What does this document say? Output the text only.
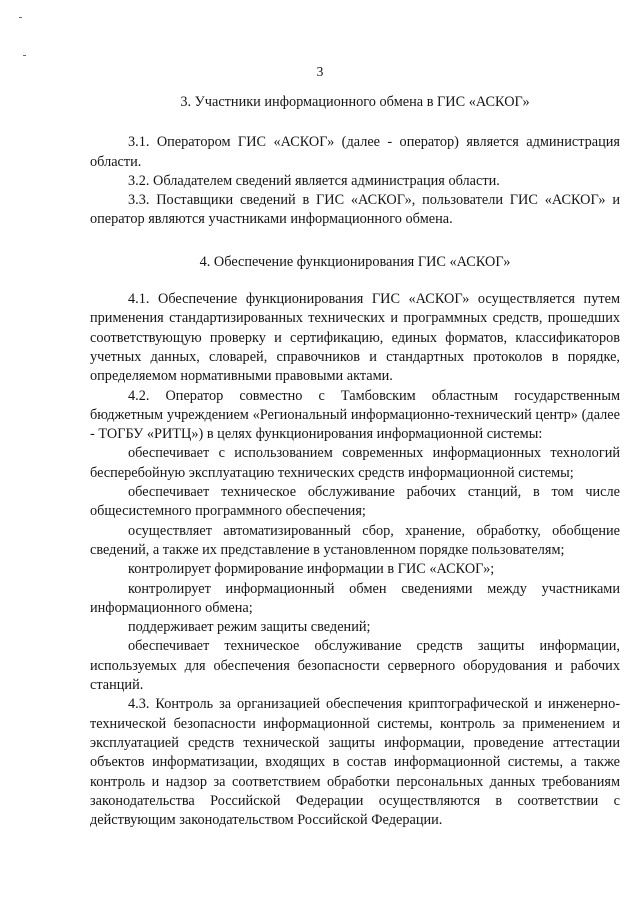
3

3. Участники информационного обмена в ГИС «АСКОГ»

3.1. Оператором ГИС «АСКОГ» (далее - оператор) является администрация области.

3.2. Обладателем сведений является администрация области.

3.3. Поставщики сведений в ГИС «АСКОГ», пользователи ГИС «АСКОГ» и оператор являются участниками информационного обмена.

4. Обеспечение функционирования ГИС «АСКОГ»

4.1. Обеспечение функционирования ГИС «АСКОГ» осуществляется путем применения стандартизированных технических и программных средств, прошедших соответствующую проверку и сертификацию, единых форматов, классификаторов учетных данных, словарей, справочников и стандартных протоколов в порядке, определяемом нормативными правовыми актами.

4.2. Оператор совместно с Тамбовским областным государственным бюджетным учреждением «Региональный информационно-технический центр» (далее - ТОГБУ «РИТЦ») в целях функционирования информационной системы:

обеспечивает с использованием современных информационных технологий бесперебойную эксплуатацию технических средств информационной системы;

обеспечивает техническое обслуживание рабочих станций, в том числе общесистемного программного обеспечения;

осуществляет автоматизированный сбор, хранение, обработку, обобщение сведений, а также их представление в установленном порядке пользователям;

контролирует формирование информации в ГИС «АСКОГ»;

контролирует информационный обмен сведениями между участниками информационного обмена;

поддерживает режим защиты сведений;

обеспечивает техническое обслуживание средств защиты информации, используемых для обеспечения безопасности серверного оборудования и рабочих станций.

4.3. Контроль за организацией обеспечения криптографической и инженерно-технической безопасности информационной системы, контроль за применением и эксплуатацией средств технической защиты информации, проведение аттестации объектов информатизации, входящих в состав информационной системы, а также контроль и надзор за соответствием обработки персональных данных требованиям законодательства Российской Федерации осуществляются в соответствии с действующим законодательством Российской Федерации.
